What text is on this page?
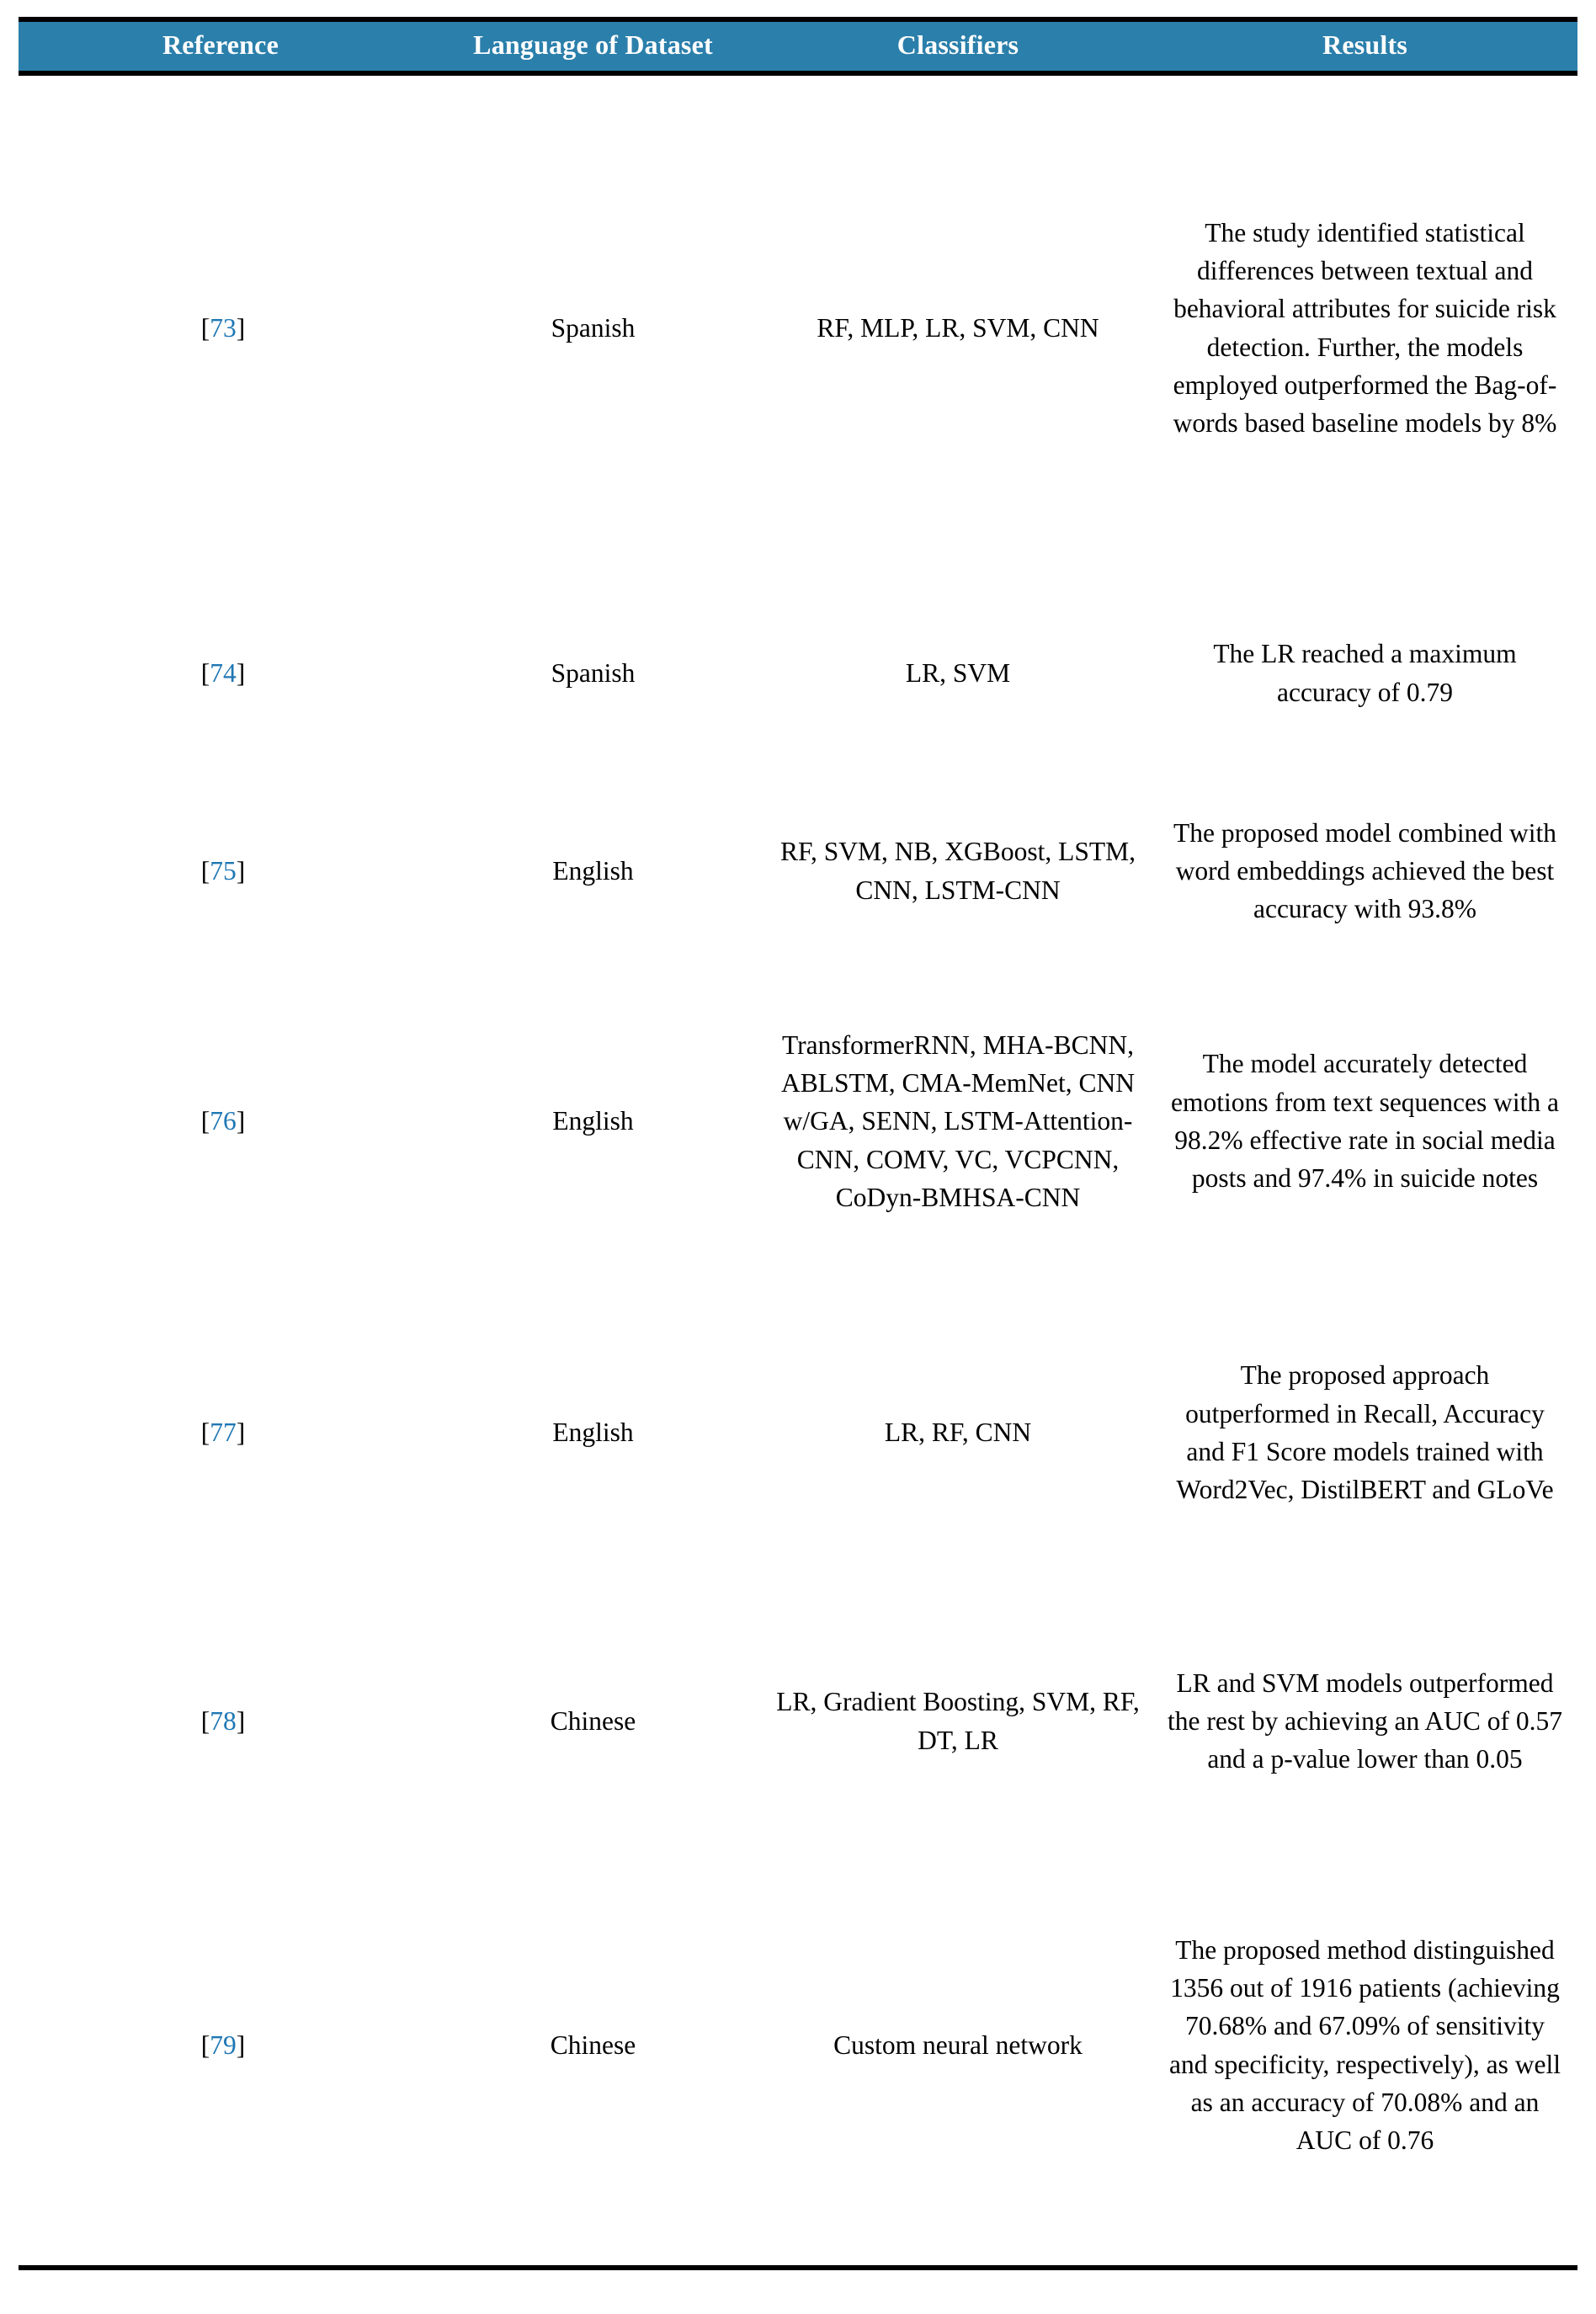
Reference	Language of Dataset	Classifiers	Results
[73]	Spanish	RF, MLP, LR, SVM, CNN	The study identified statistical differences between textual and behavioral attributes for suicide risk detection. Further, the models employed outperformed the Bag-of-words based baseline models by 8%
[74]	Spanish	LR, SVM	The LR reached a maximum accuracy of 0.79
[75]	English	RF, SVM, NB, XGBoost, LSTM, CNN, LSTM-CNN	The proposed model combined with word embeddings achieved the best accuracy with 93.8%
[76]	English	TransformerRNN, MHA-BCNN, ABLSTM, CMA-MemNet, CNN w/GA, SENN, LSTM-Attention-CNN, COMV, VC, VCPCNN, CoDyn-BMHSA-CNN	The model accurately detected emotions from text sequences with a 98.2% effective rate in social media posts and 97.4% in suicide notes
[77]	English	LR, RF, CNN	The proposed approach outperformed in Recall, Accuracy and F1 Score models trained with Word2Vec, DistilBERT and GLoVe
[78]	Chinese	LR, Gradient Boosting, SVM, RF, DT, LR	LR and SVM models outperformed the rest by achieving an AUC of 0.57 and a p-value lower than 0.05
[79]	Chinese	Custom neural network	The proposed method distinguished 1356 out of 1916 patients (achieving 70.68% and 67.09% of sensitivity and specificity, respectively), as well as an accuracy of 70.08% and an AUC of 0.76
